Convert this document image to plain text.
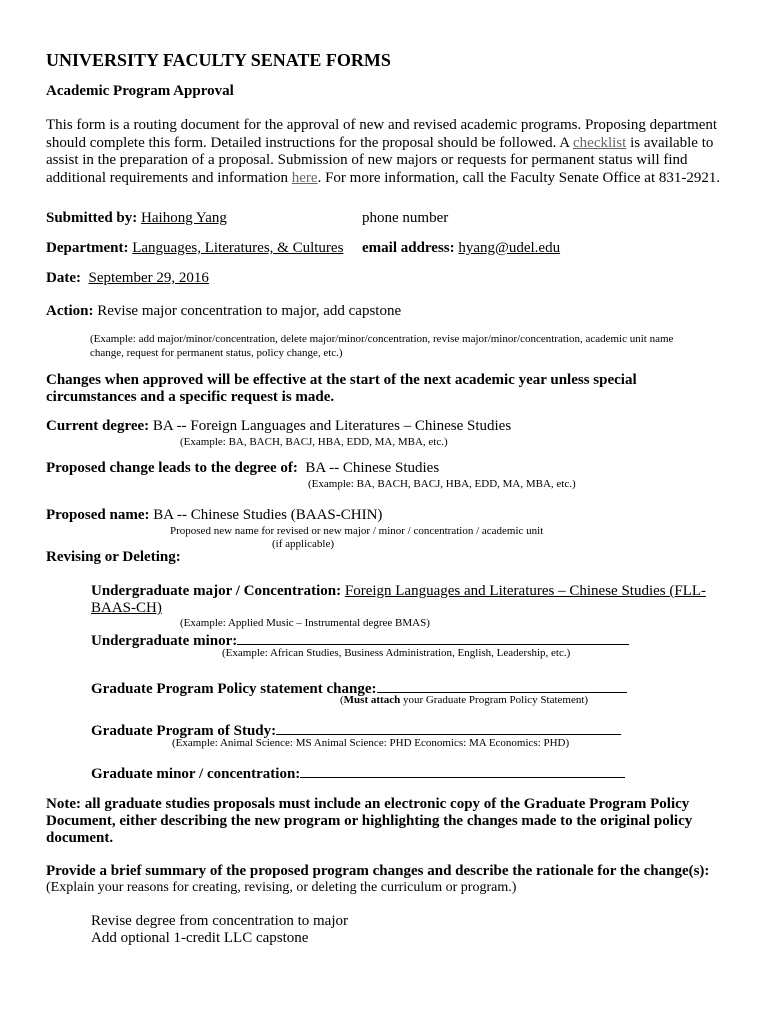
UNIVERSITY FACULTY SENATE FORMS
Academic Program Approval
This form is a routing document for the approval of new and revised academic programs. Proposing department should complete this form. Detailed instructions for the proposal should be followed. A checklist is available to assist in the preparation of a proposal. Submission of new majors or requests for permanent status will find additional requirements and information here. For more information, call the Faculty Senate Office at 831-2921.
Submitted by: Haihong Yang	phone number
Department: Languages, Literatures, & Cultures email address: hyang@udel.edu
Date: September 29, 2016
Action: Revise major concentration to major, add capstone
(Example: add major/minor/concentration, delete major/minor/concentration, revise major/minor/concentration, academic unit name
change, request for permanent status, policy change, etc.)
Changes when approved will be effective at the start of the next academic year unless special
circumstances and a specific request is made.
Current degree: BA -- Foreign Languages and Literatures – Chinese Studies
(Example: BA, BACH, BACJ, HBA, EDD, MA, MBA, etc.)
Proposed change leads to the degree of: BA -- Chinese Studies
(Example: BA, BACH, BACJ, HBA, EDD, MA, MBA, etc.)
Proposed name: BA -- Chinese Studies (BAAS-CHIN)
Proposed new name for revised or new major / minor / concentration / academic unit
(if applicable)
Revising or Deleting:
Undergraduate major / Concentration: Foreign Languages and Literatures – Chinese Studies (FLL-
BAAS-CH)
(Example: Applied Music – Instrumental degree BMAS)
Undergraduate minor:
(Example: African Studies, Business Administration, English, Leadership, etc.)
Graduate Program Policy statement change:
(Must attach your Graduate Program Policy Statement)
Graduate Program of Study:
(Example: Animal Science: MS Animal Science: PHD Economics: MA Economics: PHD)
Graduate minor / concentration:
Note: all graduate studies proposals must include an electronic copy of the Graduate Program Policy
Document, either describing the new program or highlighting the changes made to the original policy
document.
Provide a brief summary of the proposed program changes and describe the rationale for the change(s):
(Explain your reasons for creating, revising, or deleting the curriculum or program.)
Revise degree from concentration to major
Add optional 1-credit LLC capstone
